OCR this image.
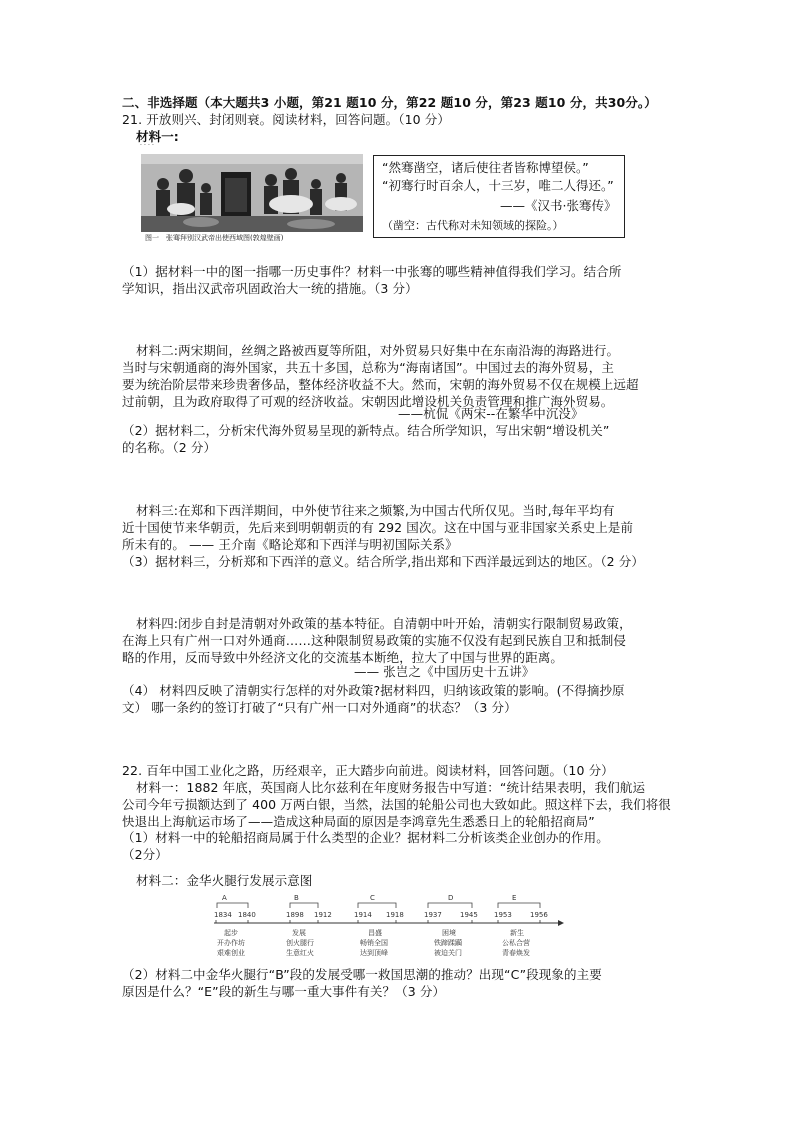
二、非选择题（本大题共3 小题，第21 题10 分，第22 题10 分，第23 题10 分，共30分。）
21. 开放则兴、封闭则衰。阅读材料，回答问题。（10 分）
材料一:
· · · ·
图一　张骞拜别汉武帝出使西域图(敦煌壁画)
“然骞凿空，诸后使往者皆称博望侯。”
“初骞行时百余人，十三岁，唯二人得还。”
——《汉书·张骞传》
（凿空：古代称对未知领域的探险。）
（1）据材料一中的图一指哪一历史事件？材料一中张骞的哪些精神值得我们学习。结合所
学知识，指出汉武帝巩固政治大一统的措施。（3 分）
材料二:两宋期间，丝绸之路被西夏等所阻，对外贸易只好集中在东南沿海的海路进行。
当时与宋朝通商的海外国家，共五十多国，总称为“海南诸国”。中国过去的海外贸易，主
要为统治阶层带来珍贵奢侈品，整体经济收益不大。然而，宋朝的海外贸易不仅在规模上远超
过前朝，且为政府取得了可观的经济收益。宋朝因此增设机关负责管理和推广海外贸易。
——杭侃《两宋--在繁华中沉没》
（2）据材料二，分析宋代海外贸易呈现的新特点。结合所学知识，写出宋朝“增设机关”
的名称。（2 分）
材料三:在郑和下西洋期间，中外使节往来之频繁,为中国古代所仅见。当时,每年平均有
近十国使节来华朝贡，先后来到明朝朝贡的有 292 国次。这在中国与亚非国家关系史上是前
所未有的。 —— 王介南《略论郑和下西洋与明初国际关系》
（3）据材料三，分析郑和下西洋的意义。结合所学,指出郑和下西洋最远到达的地区。（2 分）
材料四:闭步自封是清朝对外政策的基本特征。自清朝中叶开始，清朝实行限制贸易政策，
在海上只有广州一口对外通商……这种限制贸易政策的实施不仅没有起到民族自卫和抵制侵
略的作用，反而导致中外经济文化的交流基本断绝，拉大了中国与世界的距离。
—— 张岂之《中国历史十五讲》
（4） 材料四反映了清朝实行怎样的对外政策?据材料四，归纳该政策的影响。(不得摘抄原
文） 哪一条约的签订打破了“只有广州一口对外通商”的状态？（3 分）
22. 百年中国工业化之路，历经艰辛，正大踏步向前进。阅读材料，回答问题。（10 分）
材料一：1882 年底，英国商人比尔兹利在年度财务报告中写道：“统计结果表明，我们航运
公司今年亏损额达到了 400 万两白银，当然，法国的轮船公司也大致如此。照这样下去，我们将很
快退出上海航运市场了——造成这种局面的原因是李鸿章先生悉悉日上的轮船招商局”
（1）材料一中的轮船招商局属于什么类型的企业？据材料二分析该类企业创办的作用。
（2分）
材料二：金华火腿行发展示意图
A	B	C	D	E
1834 1840	1898 1912	1914 1918	1937	1945 1953	1956
起步
开办作坊
艰难创业
发展
创火腿行
生意红火
昌盛
畅销全国
达到顶峰
困境
铁蹄蹂躏
被迫关门
新生
公私合营
青春焕发
（2）材料二中金华火腿行“B”段的发展受哪一救国思潮的推动？出现“C”段现象的主要
原因是什么？“E”段的新生与哪一重大事件有关？（3 分）
